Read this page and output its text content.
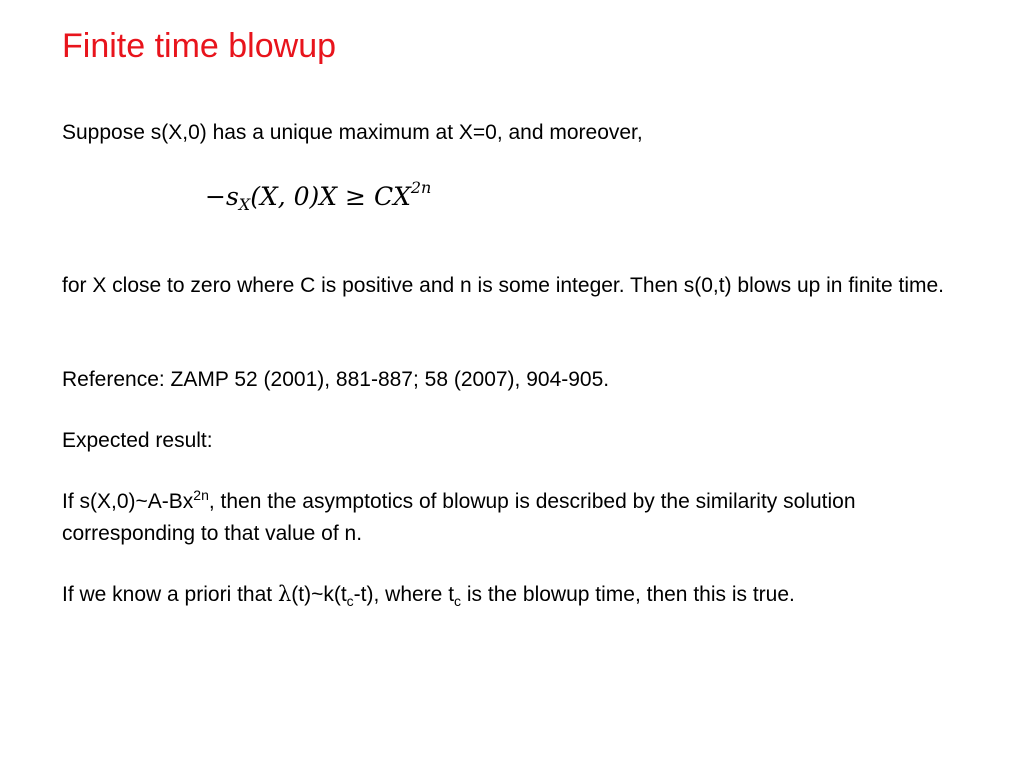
Finite time blowup
Suppose s(X,0) has a unique maximum at X=0, and moreover,
$-s_X(X$, $0)X \ge CX^{2n}$
for X close to zero where C is positive and n is some integer. Then s(0,t) blows up in finite time.
Reference: ZAMP 52 (2001), 881-887; 58 (2007), 904-905.
Expected result:
If $s(X,0)\sim A-Bx^{2n}$, then the asymptotics of blowup is described by the similarity solution corresponding to that value of n.
If we know a priori that $\lambda(t)\sim k(t_c-t)$, where $t_c$ is the blowup time, then this is true.
